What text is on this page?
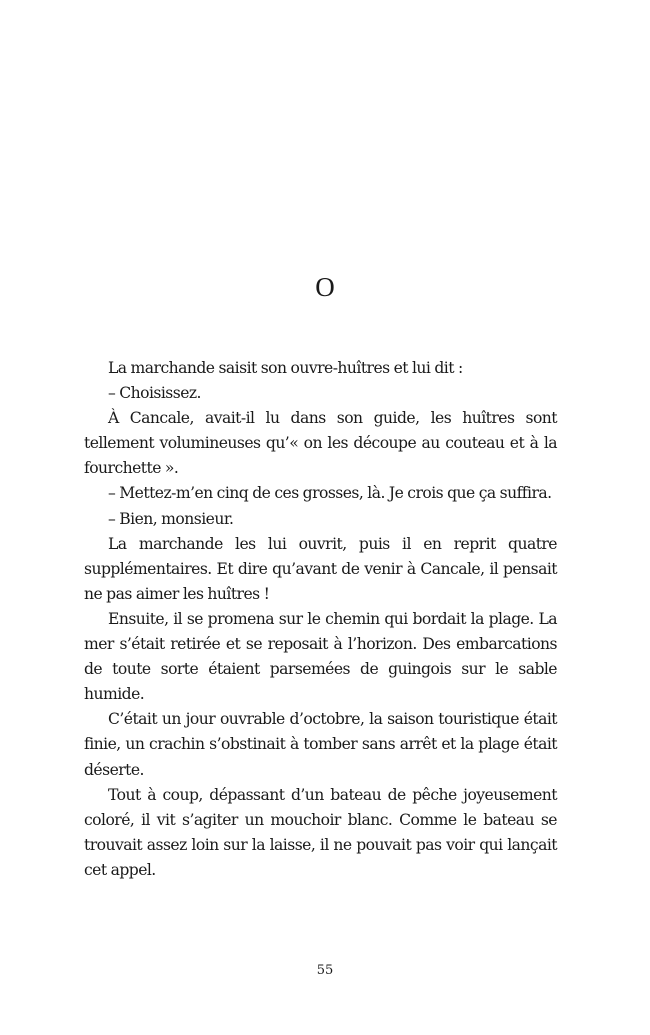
O

La marchande saisit son ouvre-huîtres et lui dit :

– Choisissez.

À Cancale, avait-il lu dans son guide, les huîtres sont tellement volumineuses qu’« on les découpe au couteau et à la fourchette ».

– Mettez-m’en cinq de ces grosses, là. Je crois que ça suffira.

– Bien, monsieur.

La marchande les lui ouvrit, puis il en reprit quatre supplémentaires. Et dire qu’avant de venir à Cancale, il pensait ne pas aimer les huîtres !

Ensuite, il se promena sur le chemin qui bordait la plage. La mer s’était retirée et se reposait à l’horizon. Des embarcations de toute sorte étaient parsemées de guingois sur le sable humide.

C’était un jour ouvrable d’octobre, la saison touristique était finie, un crachin s’obstinait à tomber sans arrêt et la plage était déserte.

Tout à coup, dépassant d’un bateau de pêche joyeusement coloré, il vit s’agiter un mouchoir blanc. Comme le bateau se trouvait assez loin sur la laisse, il ne pouvait pas voir qui lançait cet appel.

55
